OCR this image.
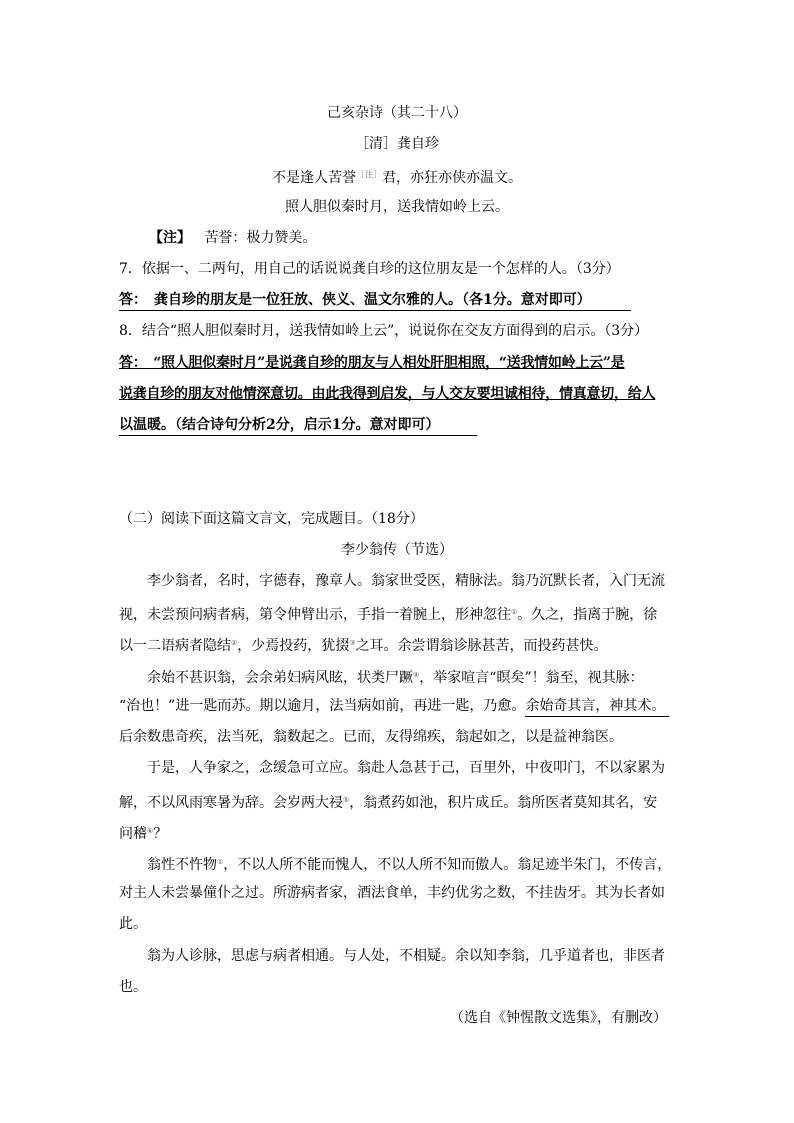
己亥杂诗（其二十八）
［清］龚自珍
不是逢人苦誉$^{[注]}$君，亦狂亦侠亦温文。
照人胆似秦时月，送我情如岭上云。
【注】 苦誉：极力赞美。
7．依据一、二两句，用自己的话说说龚自珍的这位朋友是一个怎样的人。（3分）
答：　龚自珍的朋友是一位狂放、侠义、温文尔雅的人。（各1分。意对即可）
8．结合“照人胆似秦时月，送我情如岭上云”，说说你在交友方面得到的启示。（3分）
答：　“照人胆似秦时月”是说龚自珍的朋友与人相处肝胆相照，“送我情如岭上云”是
说龚自珍的朋友对他情深意切。由此我得到启发，与人交友要坦诚相待，情真意切，给人
以温暖。（结合诗句分析2分，启示1分。意对即可）
（二）阅读下面这篇文言文，完成题目。（18分）
李少翁传（节选）
李少翁者，名时，字德春，豫章人。翁家世受医，精脉法。翁乃沉默长者，入门无流
视，未尝预问病者病，第令伸臂出示，手指一着腕上，形神忽往①。久之，指离于腕，徐
以一二语病者隐结②，少焉投药，犹掇③之耳。余尝谓翁诊脉甚苦，而投药甚快。
余始不甚识翁，会余弟妇病风眩，状类尸蹶④，举家喧言“瞑矣”！翁至，视其脉：
“治也！”进一匙而苏。期以逾月，法当病如前，再进一匙，乃愈。余始奇其言，神其术。
后余数患奇疾，法当死，翁数起之。已而，友得绵疾，翁起如之，以是益神翁医。
于是，人争家之，念缓急可立应。翁赴人急甚于己，百里外，中夜叩门，不以家累为
解，不以风雨寒暑为辞。会岁两大祲⑤，翁煮药如池，积片成丘。翁所医者莫知其名，安
问稽⑥？
翁性不忤物①，不以人所不能而愧人，不以人所不知而傲人。翁足迹半朱门，不传言，
对主人未尝暴僮仆之过。所游病者家，酒法食单，丰约优劣之数，不挂齿牙。其为长者如
此。
翁为人诊脉，思虑与病者相通。与人处，不相疑。余以知李翁，几乎道者也，非医者
也。
（选自《钟惺散文选集》，有删改）
